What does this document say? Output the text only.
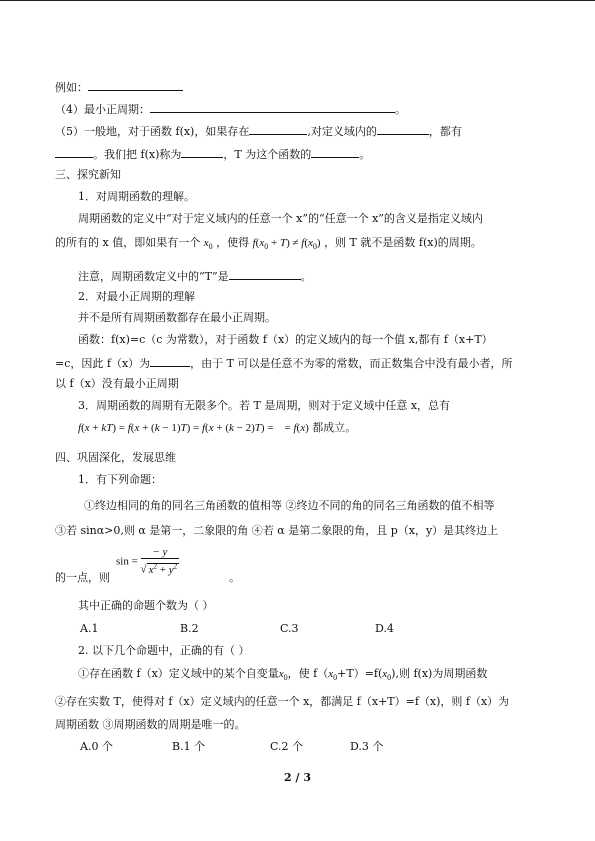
例如：
（4）最小正周期：	。
（5）一般地，对于函数 f(x)，如果存在	,对定义域内的	，都有
。我们把 f(x)称为	，T 为这个函数的	。
三、探究新知
1．对周期函数的理解。
周期函数的定义中“对于定义域内的任意一个 x”的“任意一个 x”的含义是指定义域内
的所有的 x 值，即如果有一个 $x_0$ ，使得 $f(x_0 + T) \ne f(x_0)$ ，则 T 就不是函数 f(x)的周期。
注意，周期函数定义中的“T”是	。
2．对最小正周期的理解
并不是所有周期函数都存在最小正周期。
函数：f(x)=c（c 为常数），对于函数 f（x）的定义域内的每一个值 x,都有 f（x+T）
=c，因此 f（x）为	，由于 T 可以是任意不为零的常数，而正数集合中没有最小者，所
以 f（x）没有最小正周期
3．周期函数的周期有无限多个。若 T 是周期，则对于定义域中任意 x，总有
f(x + kT) = f(x + (k − 1)T) = f(x + (k − 2)T) =    = f(x) 都成立。
四、巩固深化，发展思维
1．有下列命题：
①终边相同的角的同名三角函数的值相等 ②终边不同的角的同名三角函数的值不相等
③若 sinα>0,则 α 是第一，二象限的角 ④若 α 是第二象限的角，且 p（x，y）是其终边上
$\sin = \frac{- y}{√ x^2 + y^2}$
的一点，则	。
其中正确的命题个数为（ ）
A.1	B.2	C.3	D.4
2. 以下几个命题中，正确的有（ ）
①存在函数 f（x）定义域中的某个自变量$x_0$，使 $f(x_0+T)=f(x_0)$,则 f(x)为周期函数
②存在实数 T，使得对 f（x）定义域内的任意一个 x，都满足 f（x+T）=f（x)，则 f（x）为
周期函数 ③周期函数的周期是唯一的。
A.0 个	B.1 个	C.2 个	D.3 个
2 / 3
